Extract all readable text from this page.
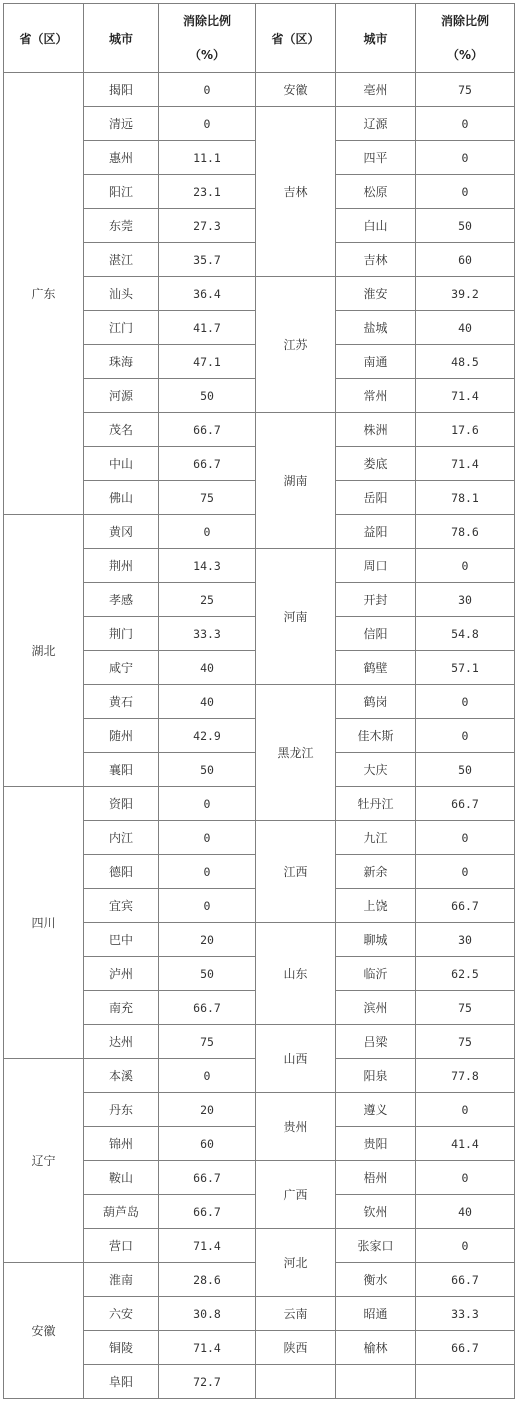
省（区）	城市	消除比例（%）	省（区）	城市	消除比例（%）
广东	揭阳	0	安徽	亳州	75
	清远	0	吉林	辽源	0
	惠州	11.1		四平	0
	阳江	23.1		松原	0
	东莞	27.3		白山	50
	湛江	35.7		吉林	60
	汕头	36.4	江苏	淮安	39.2
	江门	41.7		盐城	40
	珠海	47.1		南通	48.5
	河源	50		常州	71.4
	茂名	66.7	湖南	株洲	17.6
	中山	66.7		娄底	71.4
	佛山	75		岳阳	78.1
湖北	黄冈	0		益阳	78.6
	荆州	14.3	河南	周口	0
	孝感	25		开封	30
	荆门	33.3		信阳	54.8
	咸宁	40		鹤壁	57.1
	黄石	40	黑龙江	鹤岗	0
	随州	42.9		佳木斯	0
	襄阳	50		大庆	50
四川	资阳	0		牡丹江	66.7
	内江	0	江西	九江	0
	德阳	0		新余	0
	宜宾	0		上饶	66.7
	巴中	20	山东	聊城	30
	泸州	50		临沂	62.5
	南充	66.7		滨州	75
	达州	75	山西	吕梁	75
辽宁	本溪	0		阳泉	77.8
	丹东	20	贵州	遵义	0
	锦州	60		贵阳	41.4
	鞍山	66.7	广西	梧州	0
	葫芦岛	66.7		钦州	40
	营口	71.4	河北	张家口	0
安徽	淮南	28.6		衡水	66.7
	六安	30.8	云南	昭通	33.3
	铜陵	71.4	陕西	榆林	66.7
	阜阳	72.7			
